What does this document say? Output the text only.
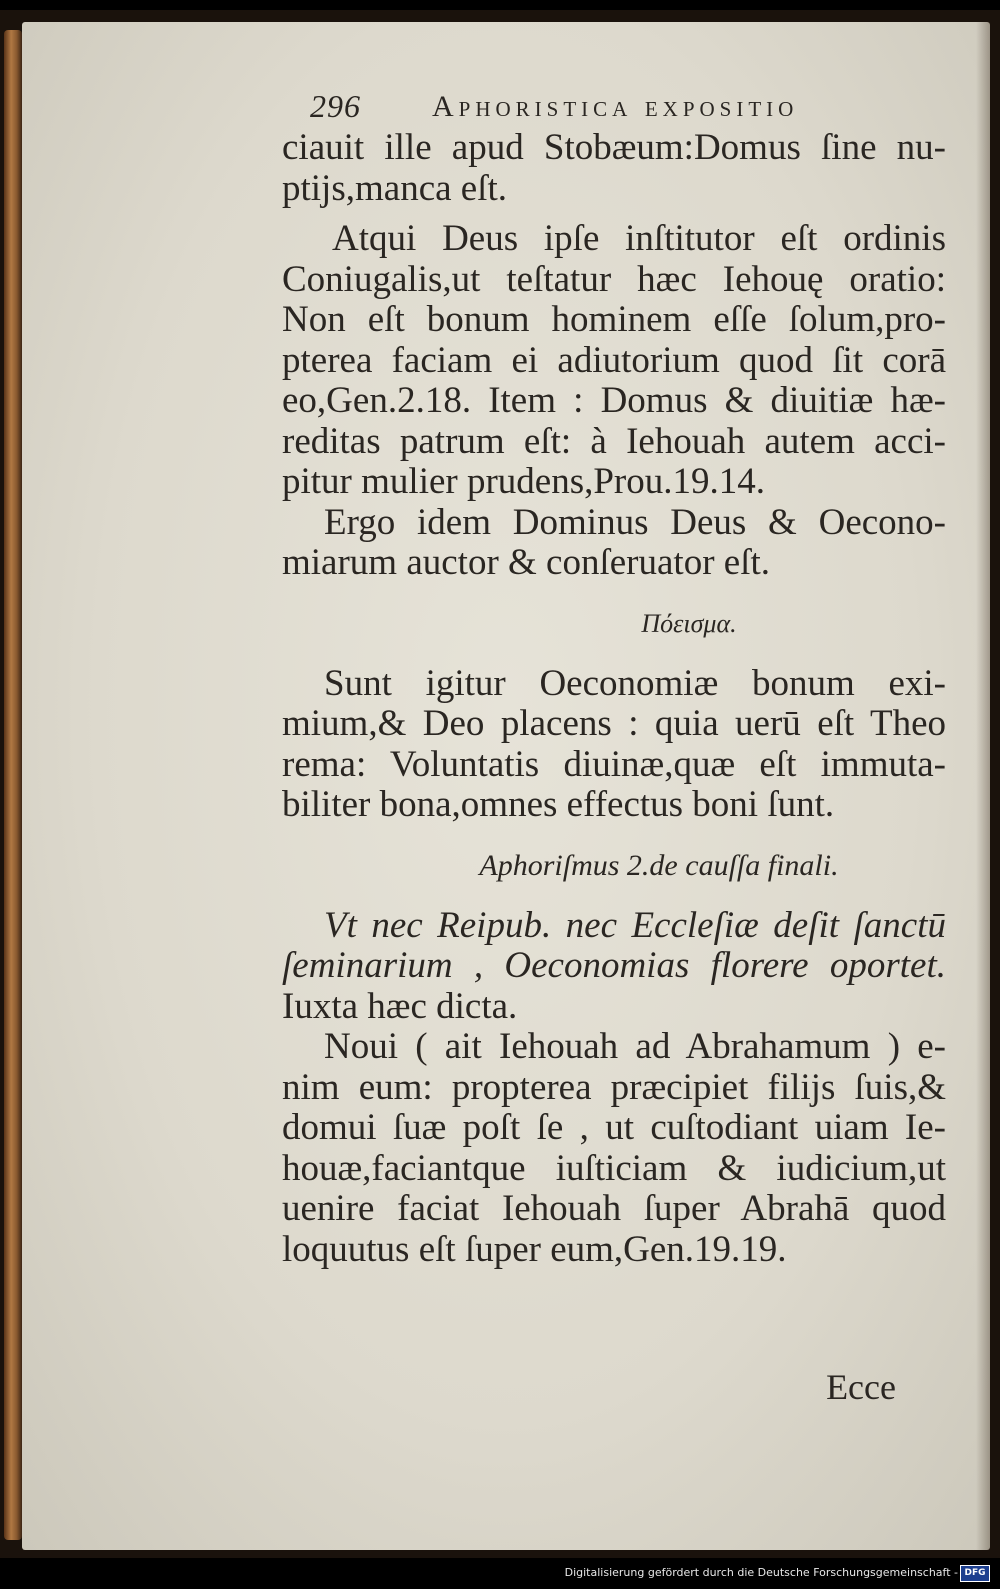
296 Aphoristica expositio
ciauit ille apud Stobæum:Domus ſine nu-
ptijs,manca eſt.
Atqui Deus ipſe inſtitutor eſt ordinis
Coniugalis,ut teſtatur hæc Iehouę oratio:
Non eſt bonum hominem eſſe ſolum,pro-
pterea faciam ei adiutorium quod ſit corā
eo,Gen.2.18. Item : Domus & diuitiæ hæ-
reditas patrum eſt: à Iehouah autem acci-
pitur mulier prudens,Prou.19.14.
Ergo idem Dominus Deus & Oecono-
miarum auctor & conſeruator eſt.
Πόεισμα.
Sunt igitur Oeconomiæ bonum exi-
mium,& Deo placens : quia uerū eſt Theo
rema: Voluntatis diuinæ,quæ eſt immuta-
biliter bona,omnes effectus boni ſunt.
Aphoriſmus 2.de cauſſa finali.
Vt nec Reipub. nec Eccleſiæ deſit ſanctū
ſeminarium , Oeconomias florere oportet.
Iuxta hæc dicta.
Noui ( ait Iehouah ad Abrahamum ) e-
nim eum: propterea præcipiet filijs ſuis,&
domui ſuæ poſt ſe , ut cuſtodiant uiam Ie-
houæ,faciantque iuſticiam & iudicium,ut
uenire faciat Iehouah ſuper Abrahā quod
loquutus eſt ſuper eum,Gen.19.19.
Ecce
Digitalisierung gefördert durch die Deutsche Forschungsgemeinschaft - DFG
